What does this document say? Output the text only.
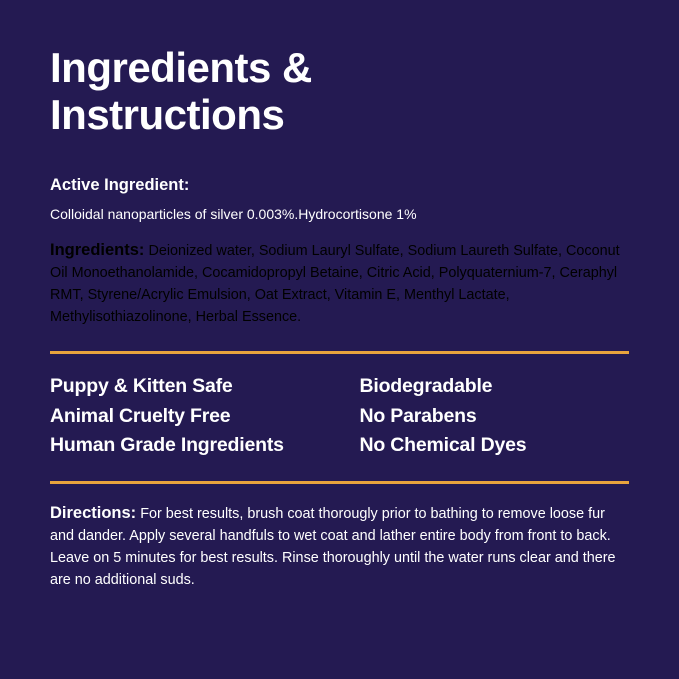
Ingredients & Instructions
Active Ingredient:
Colloidal nanoparticles of silver 0.003%.Hydrocortisone 1%

Ingredients: Deionized water, Sodium Lauryl Sulfate, Sodium Laureth Sulfate, Coconut Oil Monoethanolamide, Cocamidopropyl Betaine, Citric Acid, Polyquaternium-7, Ceraphyl RMT, Styrene/Acrylic Emulsion, Oat Extract, Vitamin E, Menthyl Lactate, Methylisothiazolinone, Herbal Essence.

Puppy & Kitten Safe
Animal Cruelty Free
Human Grade Ingredients
Biodegradable
No Parabens
No Chemical Dyes

Directions: For best results, brush coat thorougly prior to bathing to remove loose fur and dander. Apply several handfuls to wet coat and lather entire body from front to back. Leave on 5 minutes for best results. Rinse thoroughly until the water runs clear and there are no additional suds.
